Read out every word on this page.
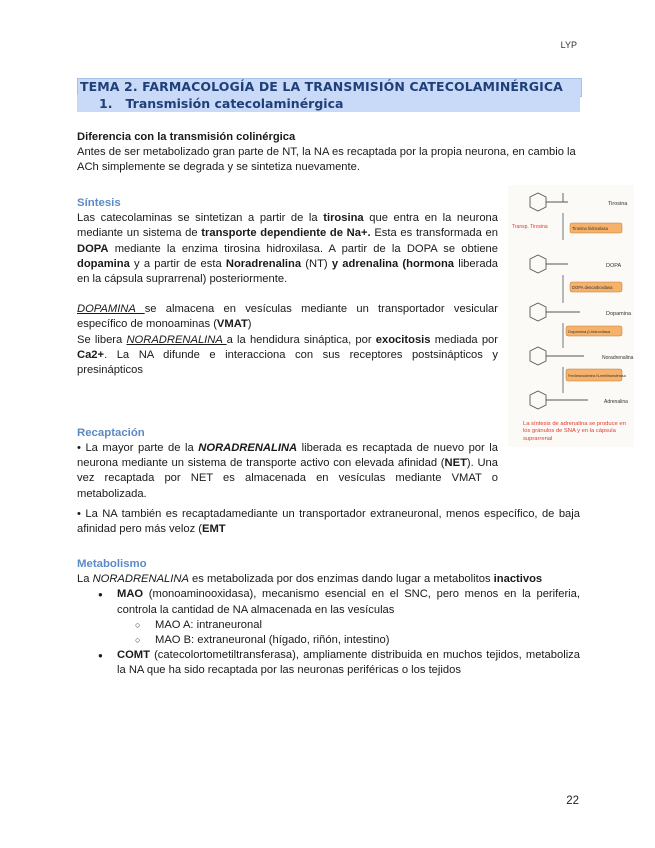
LYP
TEMA 2. FARMACOLOGÍA DE LA TRANSMISIÓN CATECOLAMINÉRGICA
1. Transmisión catecolaminérgica
Diferencia con la transmisión colinérgica
Antes de ser metabolizado gran parte de NT, la NA es recaptada por la propia neurona, en cambio la ACh simplemente se degrada y se sintetiza nuevamente.
Síntesis
Las catecolaminas se sintetizan a partir de la tirosina que entra en la neurona mediante un sistema de transporte dependiente de Na+. Esta es transformada en DOPA mediante la enzima tirosina hidroxilasa. A partir de la DOPA se obtiene dopamina y a partir de esta Noradrenalina (NT) y adrenalina (hormona liberada en la cápsula suprarrenal) posteriormente.
DOPAMINA se almacena en vesículas mediante un transportador vesicular específico de monoaminas (VMAT)
Se libera NORADRENALINA a la hendidura sináptica, por exocitosis mediada por Ca2+. La NA difunde e interacciona con sus receptores postsinápticos y presinápticos
Tirosina
Transp. Tirosina	Tirosina hidroxilasa
DOPA
DOPA descarboxilasa
Dopamina
Dopamina β-hidroxilasa
Noradrenalina
Feniletanolamina N-metiltransferasa
Adrenalina
La síntesis de adrenalina se produce en los gránulos de SNA y en la cápsula suprarrenal
Recaptación
• La mayor parte de la NORADRENALINA liberada es recaptada de nuevo por la neurona mediante un sistema de transporte activo con elevada afinidad (NET). Una vez recaptada por NET es almacenada en vesículas mediante VMAT o metabolizada.
• La NA también es recaptadamediante un transportador extraneuronal, menos específico, de baja afinidad pero más veloz (EMT
Metabolismo
La NORADRENALINA es metabolizada por dos enzimas dando lugar a metabolitos inactivos
● MAO (monoaminooxidasa), mecanismo esencial en el SNC, pero menos en la periferia, controla la cantidad de NA almacenada en las vesículas
○ MAO A: intraneuronal
○ MAO B: extraneuronal (hígado, riñón, intestino)
● COMT (catecolortometiltransferasa), ampliamente distribuida en muchos tejidos, metaboliza la NA que ha sido recaptada por las neuronas periféricas o los tejidos
22
